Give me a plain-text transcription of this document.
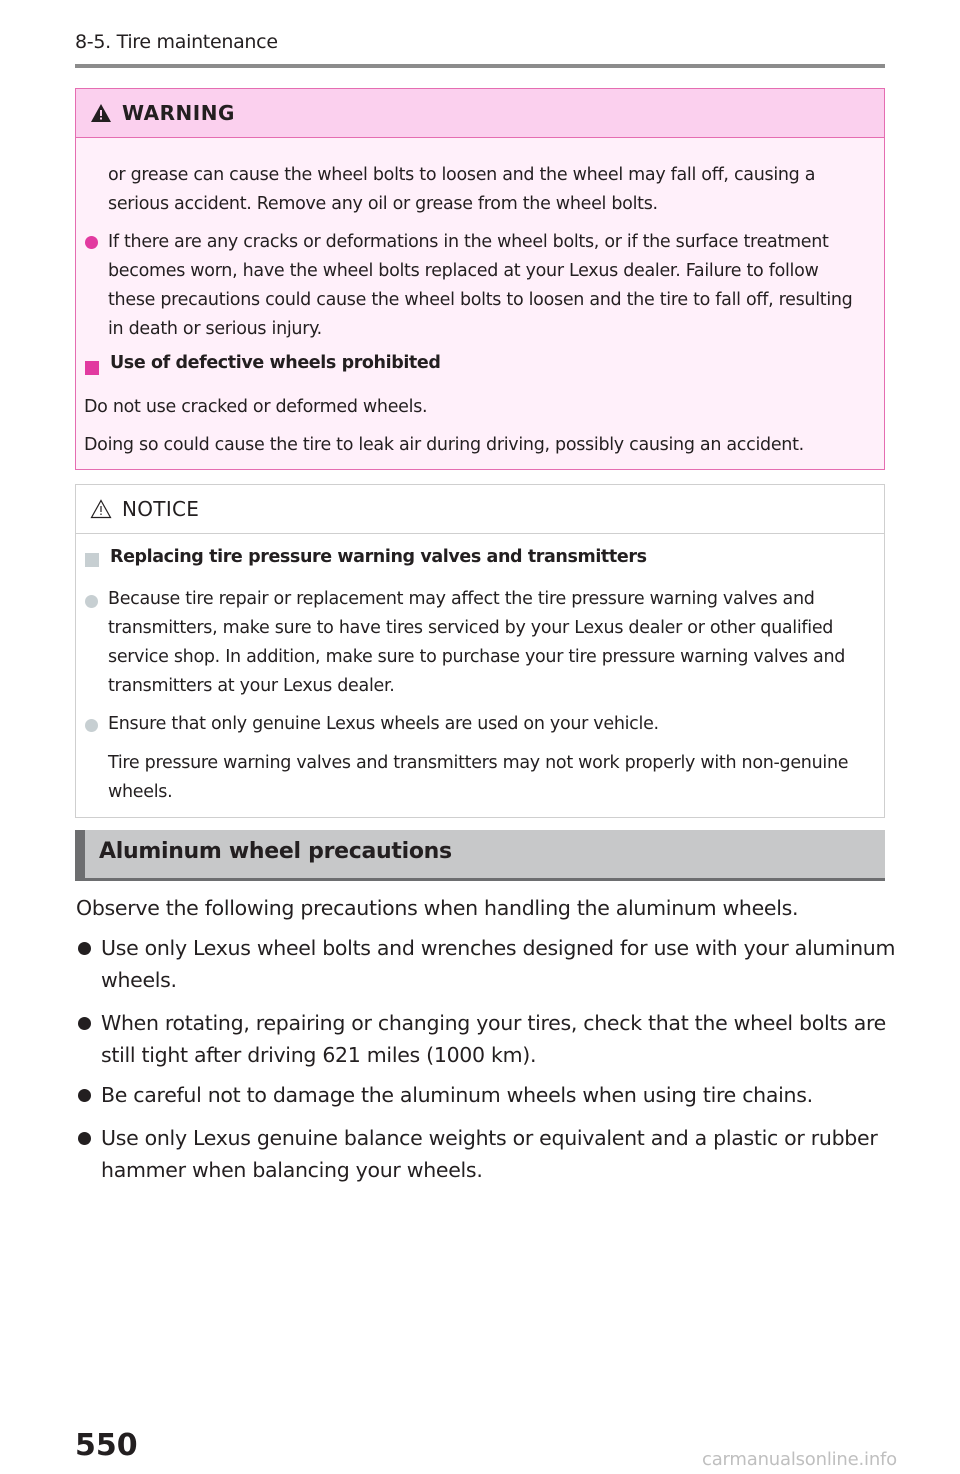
8-5. Tire maintenance
WARNING
or grease can cause the wheel bolts to loosen and the wheel may fall off, causing a
serious accident. Remove any oil or grease from the wheel bolts.
If there are any cracks or deformations in the wheel bolts, or if the surface treatment
becomes worn, have the wheel bolts replaced at your Lexus dealer. Failure to follow
these precautions could cause the wheel bolts to loosen and the tire to fall off, resulting
in death or serious injury.
Use of defective wheels prohibited
Do not use cracked or deformed wheels.
Doing so could cause the tire to leak air during driving, possibly causing an accident.
NOTICE
Replacing tire pressure warning valves and transmitters
Because tire repair or replacement may affect the tire pressure warning valves and
transmitters, make sure to have tires serviced by your Lexus dealer or other qualified
service shop. In addition, make sure to purchase your tire pressure warning valves and
transmitters at your Lexus dealer.
Ensure that only genuine Lexus wheels are used on your vehicle.
Tire pressure warning valves and transmitters may not work properly with non-genuine
wheels.
Aluminum wheel precautions
Observe the following precautions when handling the aluminum wheels.
Use only Lexus wheel bolts and wrenches designed for use with your aluminum
wheels.
When rotating, repairing or changing your tires, check that the wheel bolts are
still tight after driving 621 miles (1000 km).
Be careful not to damage the aluminum wheels when using tire chains.
Use only Lexus genuine balance weights or equivalent and a plastic or rubber
hammer when balancing your wheels.
550	carmanualsonline.info
